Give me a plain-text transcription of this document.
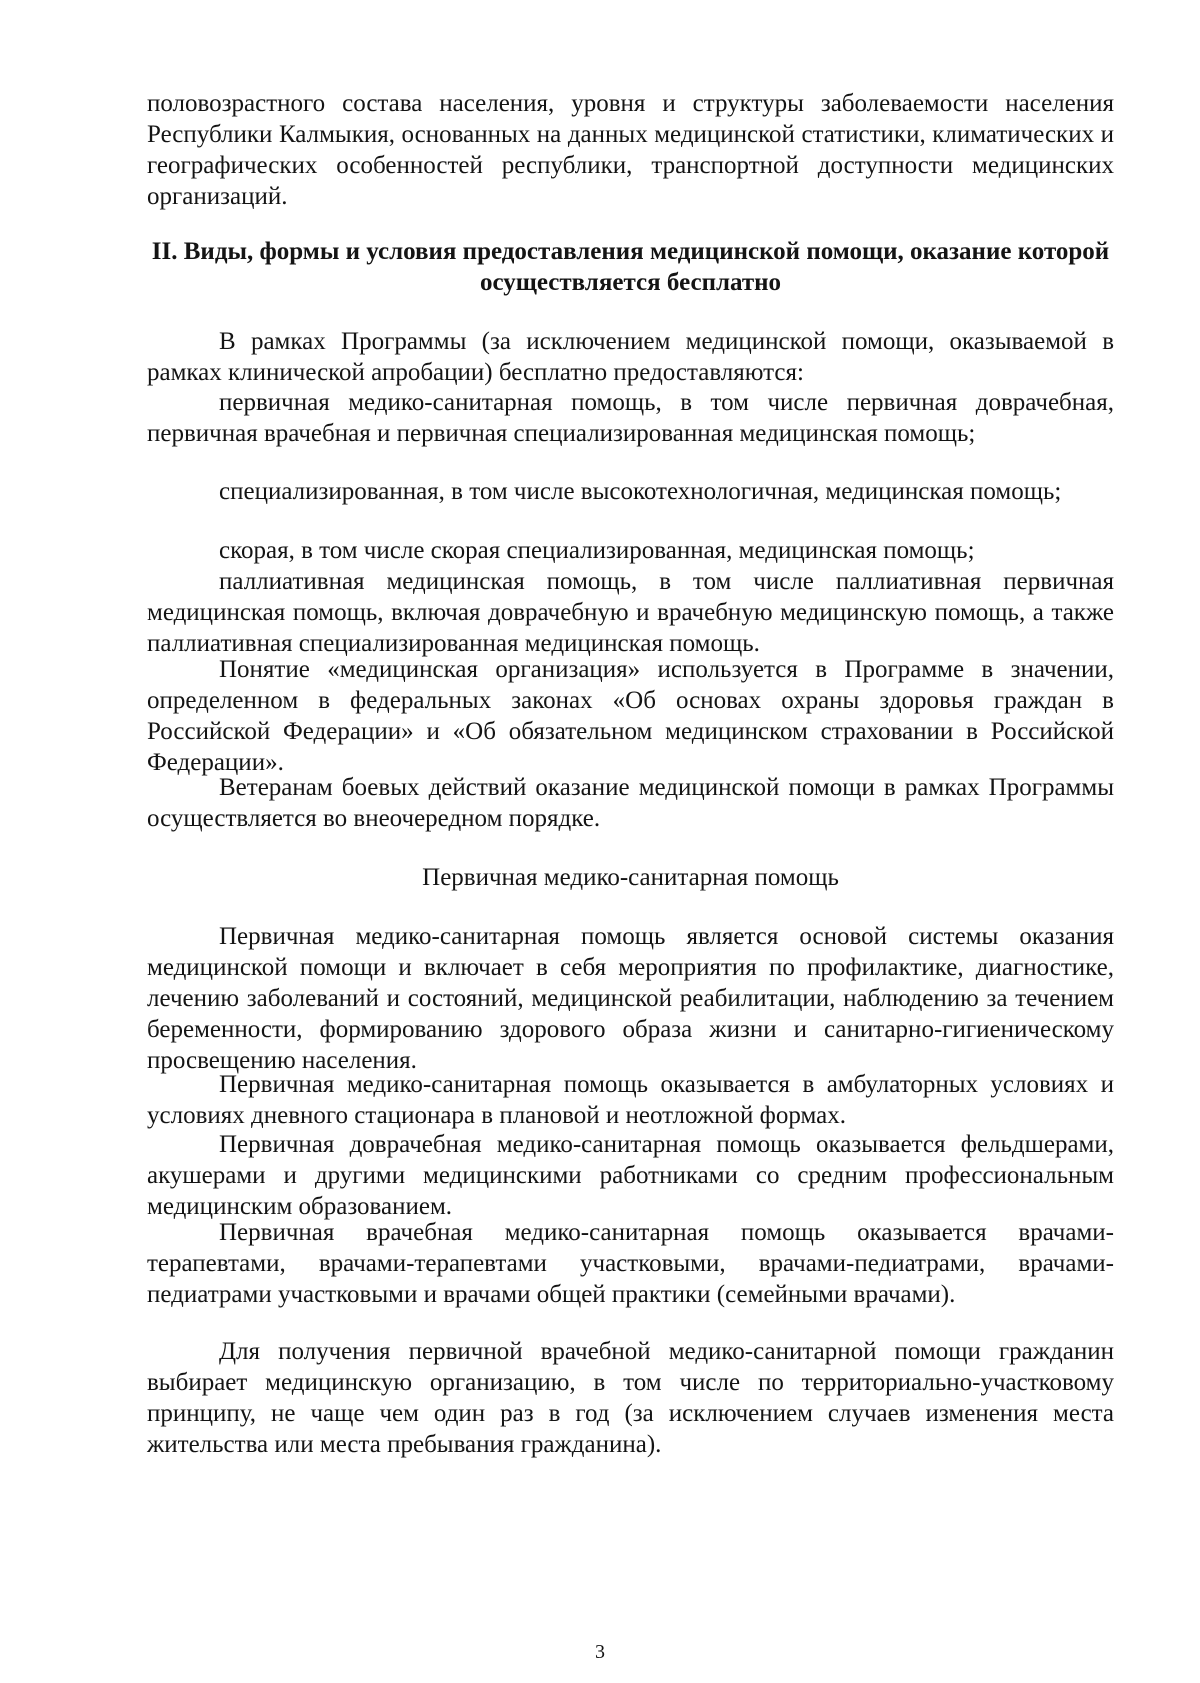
половозрастного состава населения, уровня и структуры заболеваемости населения Республики Калмыкия, основанных на данных медицинской статистики, климатических и географических особенностей республики, транспортной доступности медицинских организаций.

II. Виды, формы и условия предоставления медицинской помощи, оказание которой осуществляется бесплатно

В рамках Программы (за исключением медицинской помощи, оказываемой в рамках клинической апробации) бесплатно предоставляются:

первичная медико-санитарная помощь, в том числе первичная доврачебная, первичная врачебная и первичная специализированная медицинская помощь;

специализированная, в том числе высокотехнологичная, медицинская помощь;

скорая, в том числе скорая специализированная, медицинская помощь;

паллиативная медицинская помощь, в том числе паллиативная первичная медицинская помощь, включая доврачебную и врачебную медицинскую помощь, а также паллиативная специализированная медицинская помощь.

Понятие «медицинская организация» используется в Программе в значении, определенном в федеральных законах «Об основах охраны здоровья граждан в Российской Федерации» и «Об обязательном медицинском страховании в Российской Федерации».

Ветеранам боевых действий оказание медицинской помощи в рамках Программы осуществляется во внеочередном порядке.

Первичная медико-санитарная помощь

Первичная медико-санитарная помощь является основой системы оказания медицинской помощи и включает в себя мероприятия по профилактике, диагностике, лечению заболеваний и состояний, медицинской реабилитации, наблюдению за течением беременности, формированию здорового образа жизни и санитарно-гигиеническому просвещению населения.

Первичная медико-санитарная помощь оказывается в амбулаторных условиях и условиях дневного стационара в плановой и неотложной формах.

Первичная доврачебная медико-санитарная помощь оказывается фельдшерами, акушерами и другими медицинскими работниками со средним профессиональным медицинским образованием.

Первичная врачебная медико-санитарная помощь оказывается врачами-терапевтами, врачами-терапевтами участковыми, врачами-педиатрами, врачами-педиатрами участковыми и врачами общей практики (семейными врачами).

Для получения первичной врачебной медико-санитарной помощи гражданин выбирает медицинскую организацию, в том числе по территориально-участковому принципу, не чаще чем один раз в год (за исключением случаев изменения места жительства или места пребывания гражданина).

3
